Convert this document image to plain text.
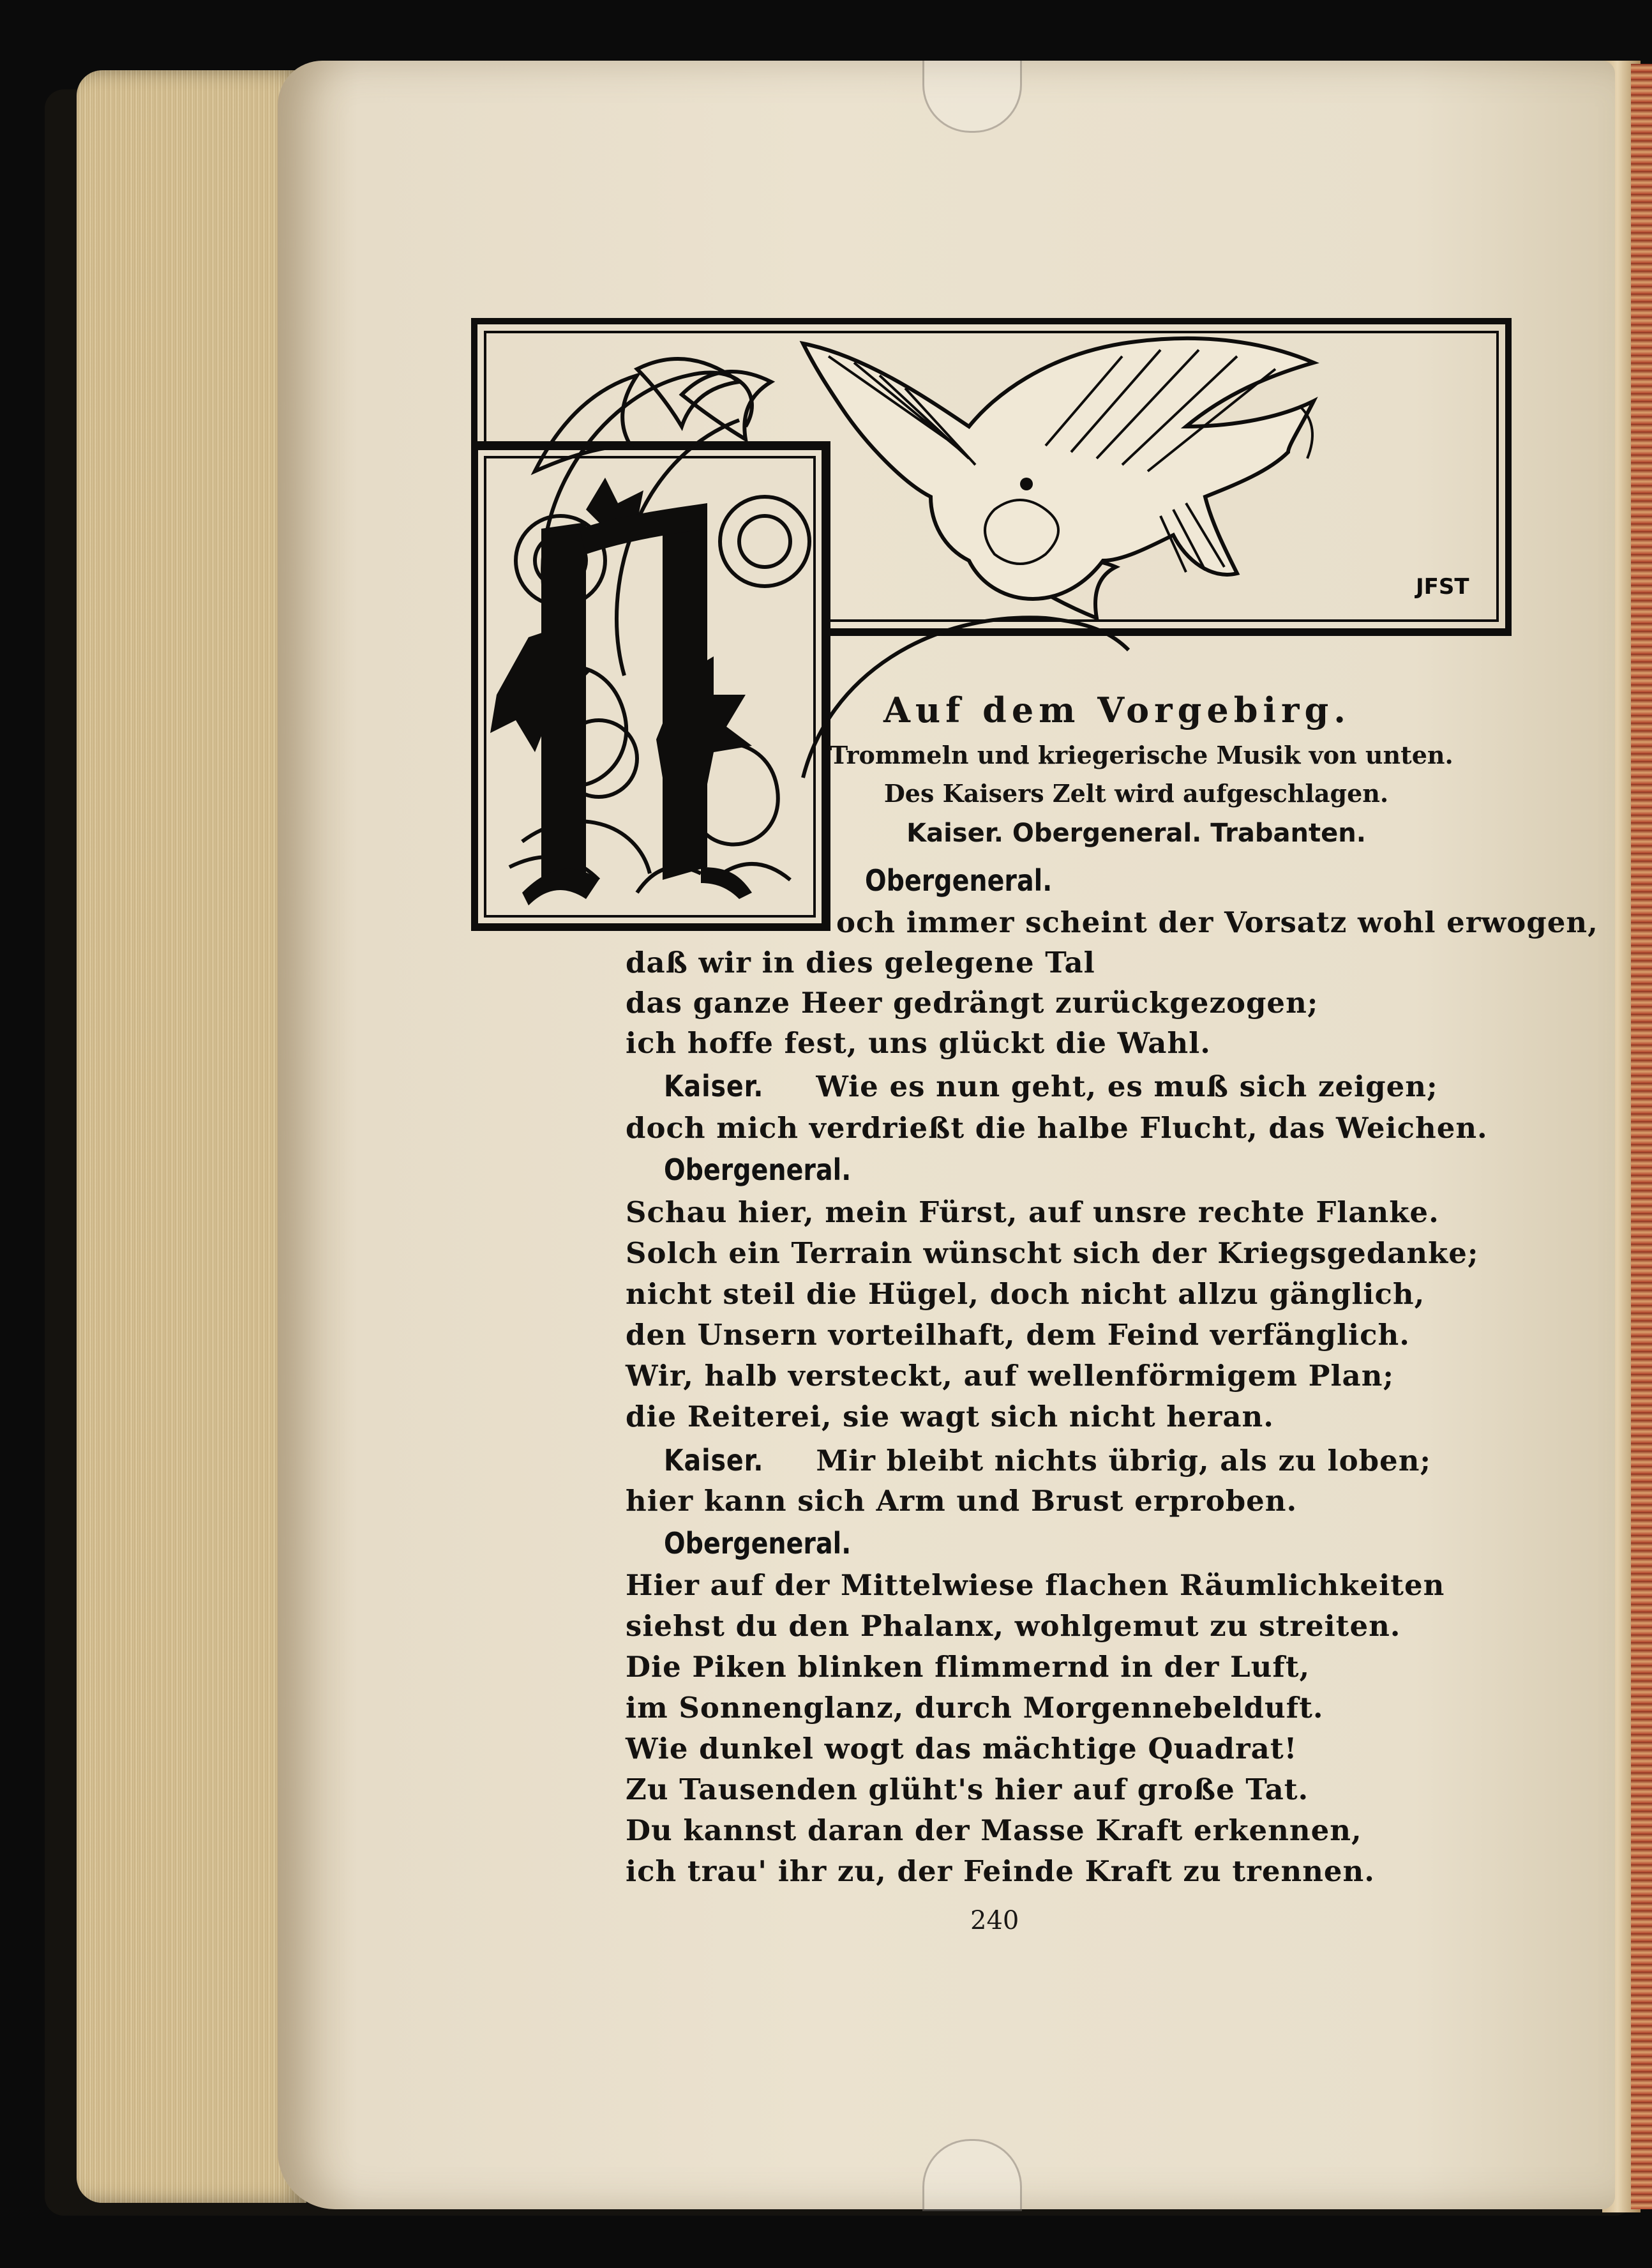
JFST
Auf dem Vorgebirg.
Trommeln und kriegerische Musik von unten.
Des Kaisers Zelt wird aufgeschlagen.
Kaiser. Obergeneral. Trabanten.
Obergeneral.
och immer scheint der Vorsatz wohl erwogen,
daß wir in dies gelegene Tal
das ganze Heer gedrängt zurückgezogen;
ich hoffe fest, uns glückt die Wahl.
Kaiser. Wie es nun geht, es muß sich zeigen;
doch mich verdrießt die halbe Flucht, das Weichen.
Obergeneral.
Schau hier, mein Fürst, auf unsre rechte Flanke.
Solch ein Terrain wünscht sich der Kriegsgedanke;
nicht steil die Hügel, doch nicht allzu gänglich,
den Unsern vorteilhaft, dem Feind verfänglich.
Wir, halb versteckt, auf wellenförmigem Plan;
die Reiterei, sie wagt sich nicht heran.
Kaiser. Mir bleibt nichts übrig, als zu loben;
hier kann sich Arm und Brust erproben.
Obergeneral.
Hier auf der Mittelwiese flachen Räumlichkeiten
siehst du den Phalanx, wohlgemut zu streiten.
Die Piken blinken flimmernd in der Luft,
im Sonnenglanz, durch Morgennebelduft.
Wie dunkel wogt das mächtige Quadrat!
Zu Tausenden glüht's hier auf große Tat.
Du kannst daran der Masse Kraft erkennen,
ich trau' ihr zu, der Feinde Kraft zu trennen.
240
